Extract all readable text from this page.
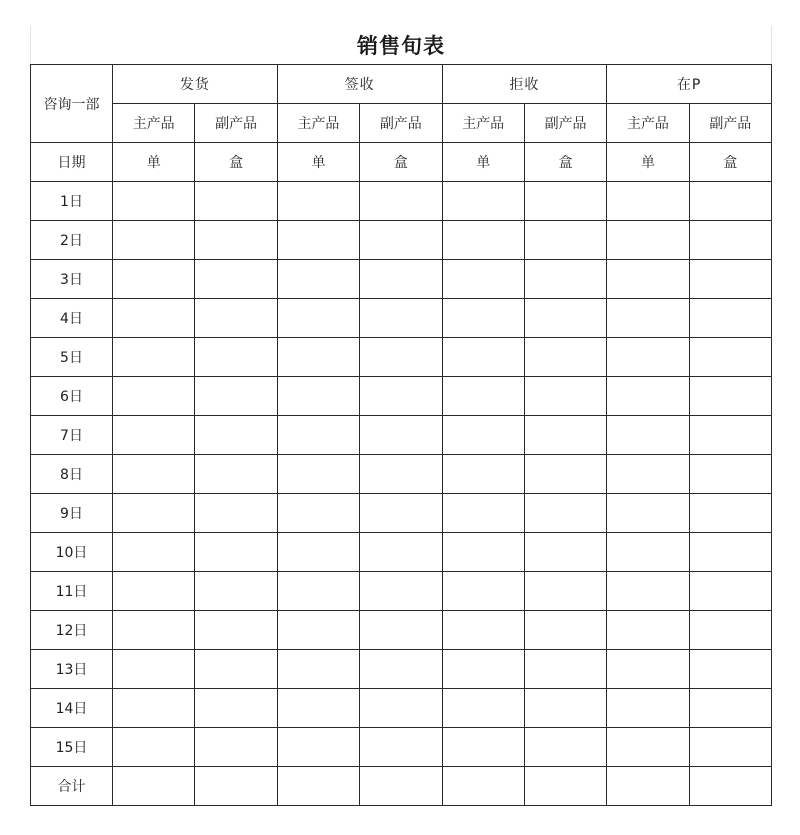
销售旬表
咨询一部	发货		签收		拒收		在P	
	主产品	副产品	主产品	副产品	主产品	副产品	主产品	副产品
日期	单	盒	单	盒	单	盒	单	盒
1日								
2日								
3日								
4日								
5日								
6日								
7日								
8日								
9日								
10日								
11日								
12日								
13日								
14日								
15日								
合计								
